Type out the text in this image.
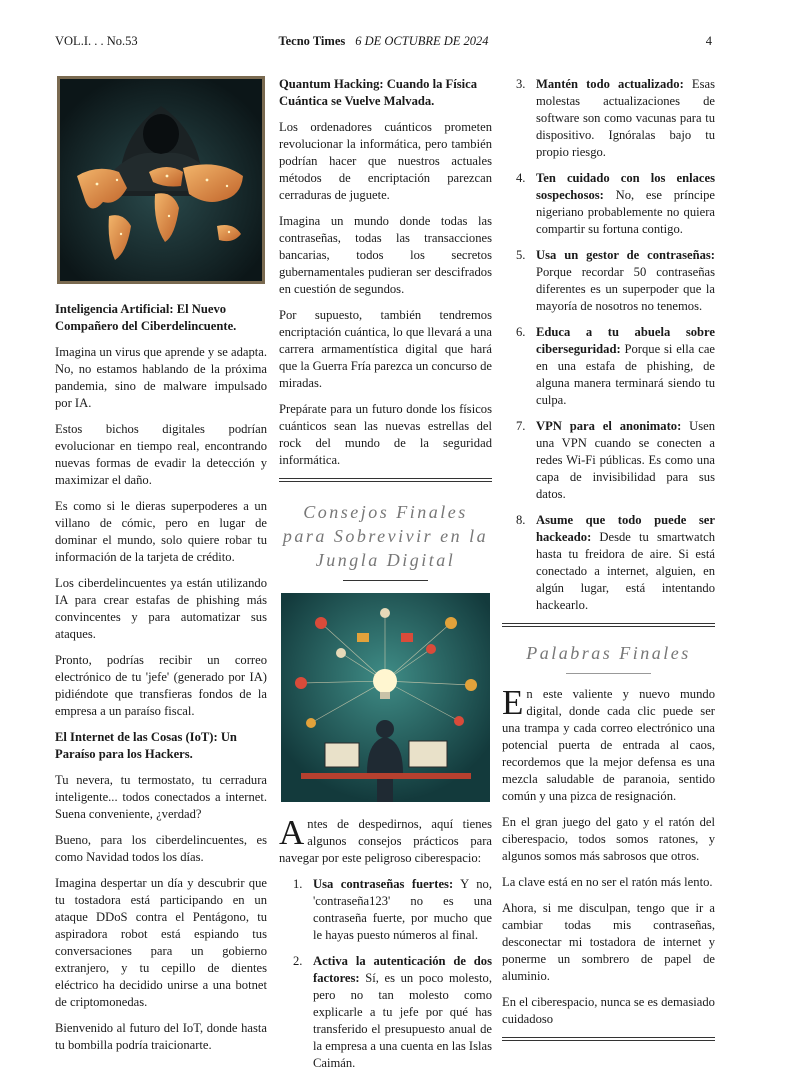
VOL.I. . . No.53	Tecno Times 6 DE OCTUBRE DE 2024	4
Inteligencia Artificial: El Nuevo Compañero del Ciberdelincuente.

Imagina un virus que aprende y se adapta. No, no estamos hablando de la próxima pandemia, sino de malware impulsado por IA.

Estos bichos digitales podrían evolucionar en tiempo real, encontrando nuevas formas de evadir la detección y maximizar el daño.

Es como si le dieras superpoderes a un villano de cómic, pero en lugar de dominar el mundo, solo quiere robar tu información de la tarjeta de crédito.

Los ciberdelincuentes ya están utilizando IA para crear estafas de phishing más convincentes y para automatizar sus ataques.

Pronto, podrías recibir un correo electrónico de tu 'jefe' (generado por IA) pidiéndote que transfieras fondos de la empresa a un paraíso fiscal.

El Internet de las Cosas (IoT): Un Paraíso para los Hackers.

Tu nevera, tu termostato, tu cerradura inteligente... todos conectados a internet. Suena conveniente, ¿verdad?

Bueno, para los ciberdelincuentes, es como Navidad todos los días.

Imagina despertar un día y descubrir que tu tostadora está participando en un ataque DDoS contra el Pentágono, tu aspiradora robot está espiando tus conversaciones para un gobierno extranjero, y tu cepillo de dientes eléctrico ha decidido unirse a una botnet de criptomonedas.

Bienvenido al futuro del IoT, donde hasta tu bombilla podría traicionarte.

Quantum Hacking: Cuando la Física Cuántica se Vuelve Malvada.

Los ordenadores cuánticos prometen revolucionar la informática, pero también podrían hacer que nuestros actuales métodos de encriptación parezcan cerraduras de juguete.

Imagina un mundo donde todas las contraseñas, todas las transacciones bancarias, todos los secretos gubernamentales pudieran ser descifrados en cuestión de segundos.

Por supuesto, también tendremos encriptación cuántica, lo que llevará a una carrera armamentística digital que hará que la Guerra Fría parezca un concurso de miradas.

Prepárate para un futuro donde los físicos cuánticos sean las nuevas estrellas del rock del mundo de la seguridad informática.

Consejos Finales para Sobrevivir en la Jungla Digital

Antes de despedirnos, aquí tienes algunos consejos prácticos para navegar por este peligroso ciberespacio:

1. Usa contraseñas fuertes: Y no, 'contraseña123' no es una contraseña fuerte, por mucho que le hayas puesto números al final.
2. Activa la autenticación de dos factores: Sí, es un poco molesto, pero no tan molesto como explicarle a tu jefe por qué has transferido el presupuesto anual de la empresa a una cuenta en las Islas Caimán.
3. Mantén todo actualizado: Esas molestas actualizaciones de software son como vacunas para tu dispositivo. Ignóralas bajo tu propio riesgo.
4. Ten cuidado con los enlaces sospechosos: No, ese príncipe nigeriano probablemente no quiera compartir su fortuna contigo.
5. Usa un gestor de contraseñas: Porque recordar 50 contraseñas diferentes es un superpoder que la mayoría de nosotros no tenemos.
6. Educa a tu abuela sobre ciberseguridad: Porque si ella cae en una estafa de phishing, de alguna manera terminará siendo tu culpa.
7. VPN para el anonimato: Usen una VPN cuando se conecten a redes Wi-Fi públicas. Es como una capa de invisibilidad para sus datos.
8. Asume que todo puede ser hackeado: Desde tu smartwatch hasta tu freidora de aire. Si está conectado a internet, alguien, en algún lugar, está intentando hackearlo.
Palabras Finales

En este valiente y nuevo mundo digital, donde cada clic puede ser una trampa y cada correo electrónico una potencial puerta de entrada al caos, recordemos que la mejor defensa es una mezcla saludable de paranoia, sentido común y una pizca de resignación.

En el gran juego del gato y el ratón del ciberespacio, todos somos ratones, y algunos somos más sabrosos que otros.

La clave está en no ser el ratón más lento.

Ahora, si me disculpan, tengo que ir a cambiar todas mis contraseñas, desconectar mi tostadora de internet y ponerme un sombrero de papel de aluminio.

En el ciberespacio, nunca se es demasiado cuidadoso
